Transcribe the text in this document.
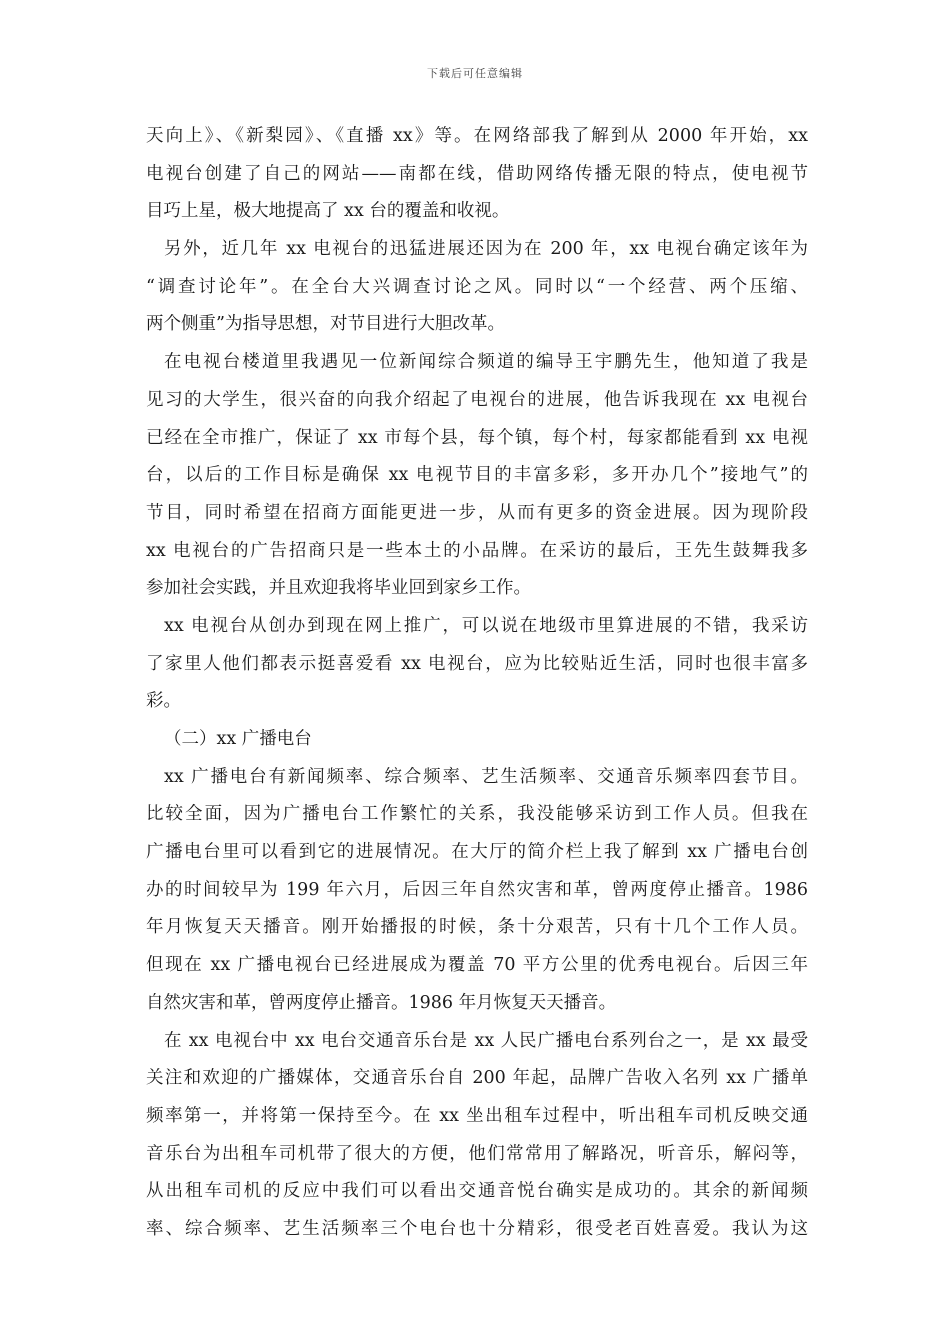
下载后可任意编辑
天向上》、《新梨园》、《直播 xx》等。在网络部我了解到从 2000 年开始，xx
电视台创建了自己的网站——南都在线，借助网络传播无限的特点，使电视节
目巧上星，极大地提高了 xx 台的覆盖和收视。
另外，近几年 xx 电视台的迅猛进展还因为在 200 年，xx 电视台确定该年为
“调查讨论年”。在全台大兴调查讨论之风。同时以“一个经营、两个压缩、
两个侧重”为指导思想，对节目进行大胆改革。
在电视台楼道里我遇见一位新闻综合频道的编导王宇鹏先生，他知道了我是
见习的大学生，很兴奋的向我介绍起了电视台的进展，他告诉我现在 xx 电视台
已经在全市推广，保证了 xx 市每个县，每个镇，每个村，每家都能看到 xx 电视
台，以后的工作目标是确保 xx 电视节目的丰富多彩，多开办几个”接地气”的
节目，同时希望在招商方面能更进一步，从而有更多的资金进展。因为现阶段
xx 电视台的广告招商只是一些本土的小品牌。在采访的最后，王先生鼓舞我多
参加社会实践，并且欢迎我将毕业回到家乡工作。
xx 电视台从创办到现在网上推广，可以说在地级市里算进展的不错，我采访
了家里人他们都表示挺喜爱看 xx 电视台，应为比较贴近生活，同时也很丰富多
彩。
（二）xx 广播电台
xx 广播电台有新闻频率、综合频率、艺生活频率、交通音乐频率四套节目。
比较全面，因为广播电台工作繁忙的关系，我没能够采访到工作人员。但我在
广播电台里可以看到它的进展情况。在大厅的简介栏上我了解到 xx 广播电台创
办的时间较早为 199 年六月，后因三年自然灾害和革，曾两度停止播音。1986
年月恢复天天播音。刚开始播报的时候，条十分艰苦，只有十几个工作人员。
但现在 xx 广播电视台已经进展成为覆盖 70 平方公里的优秀电视台。后因三年
自然灾害和革，曾两度停止播音。1986 年月恢复天天播音。
在 xx 电视台中 xx 电台交通音乐台是 xx 人民广播电台系列台之一，是 xx 最受
关注和欢迎的广播媒体，交通音乐台自 200 年起，品牌广告收入名列 xx 广播单
频率第一，并将第一保持至今。在 xx 坐出租车过程中，听出租车司机反映交通
音乐台为出租车司机带了很大的方便，他们常常用了解路况，听音乐，解闷等，
从出租车司机的反应中我们可以看出交通音悦台确实是成功的。其余的新闻频
率、综合频率、艺生活频率三个电台也十分精彩，很受老百姓喜爱。我认为这
